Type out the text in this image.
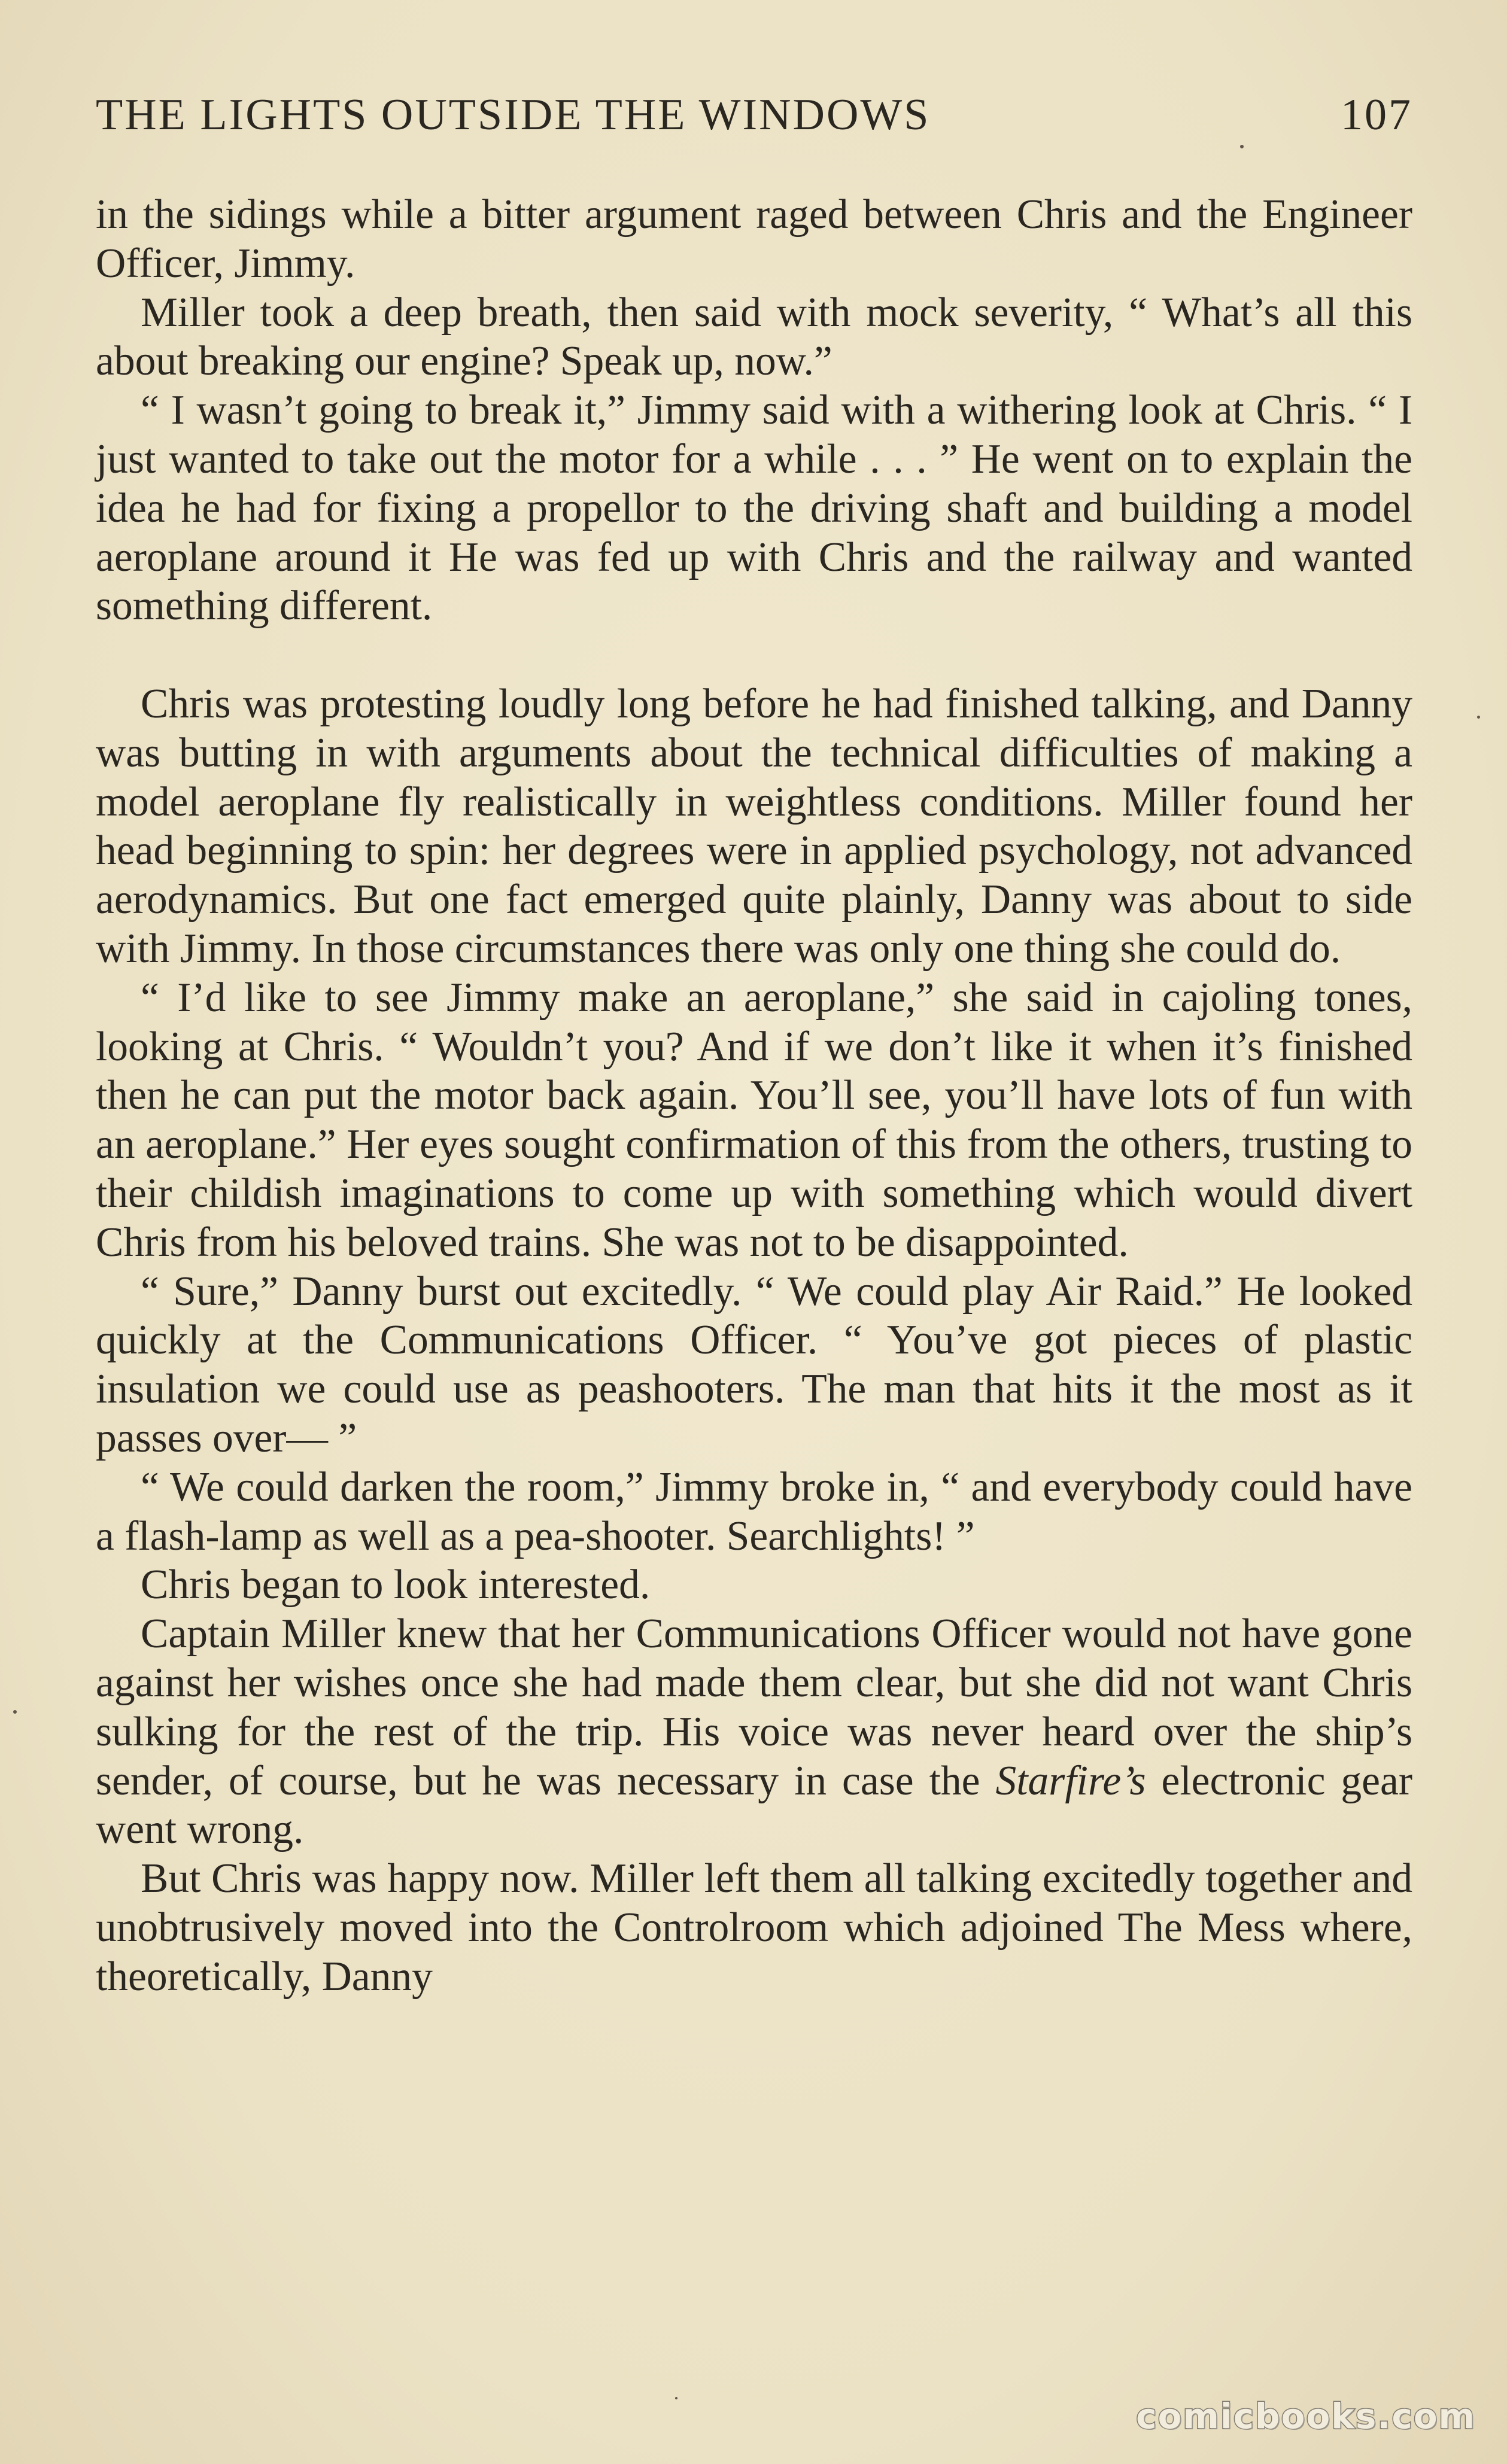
THE LIGHTS OUTSIDE THE WINDOWS	107

in the sidings while a bitter argument raged between Chris and the Engineer Officer, Jimmy.

Miller took a deep breath, then said with mock severity, “ What’s all this about breaking our engine? Speak up, now.”

“ I wasn’t going to break it,” Jimmy said with a withering look at Chris. “ I just wanted to take out the motor for a while . . . ” He went on to explain the idea he had for fixing a propellor to the driving shaft and building a model aeroplane around it He was fed up with Chris and the railway and wanted something different.

Chris was protesting loudly long before he had finished talking, and Danny was butting in with arguments about the technical difficulties of making a model aeroplane fly realistically in weightless conditions. Miller found her head beginning to spin: her degrees were in applied psychology, not advanced aerodynamics. But one fact emerged quite plainly, Danny was about to side with Jimmy. In those circumstances there was only one thing she could do.

“ I’d like to see Jimmy make an aeroplane,” she said in cajoling tones, looking at Chris. “ Wouldn’t you? And if we don’t like it when it’s finished then he can put the motor back again. You’ll see, you’ll have lots of fun with an aeroplane.” Her eyes sought confirmation of this from the others, trusting to their childish imaginations to come up with something which would divert Chris from his beloved trains. She was not to be disappointed.

“ Sure,” Danny burst out excitedly. “ We could play Air Raid.” He looked quickly at the Communications Officer. “ You’ve got pieces of plastic insulation we could use as peashooters. The man that hits it the most as it passes over— ”

“ We could darken the room,” Jimmy broke in, “ and everybody could have a flash-lamp as well as a pea-shooter. Searchlights! ”

Chris began to look interested.

Captain Miller knew that her Communications Officer would not have gone against her wishes once she had made them clear, but she did not want Chris sulking for the rest of the trip. His voice was never heard over the ship’s sender, of course, but he was necessary in case the Starfire’s electronic gear went wrong.

But Chris was happy now. Miller left them all talking excitedly together and unobtrusively moved into the Controlroom which adjoined The Mess where, theoretically, Danny

comicbooks.com
